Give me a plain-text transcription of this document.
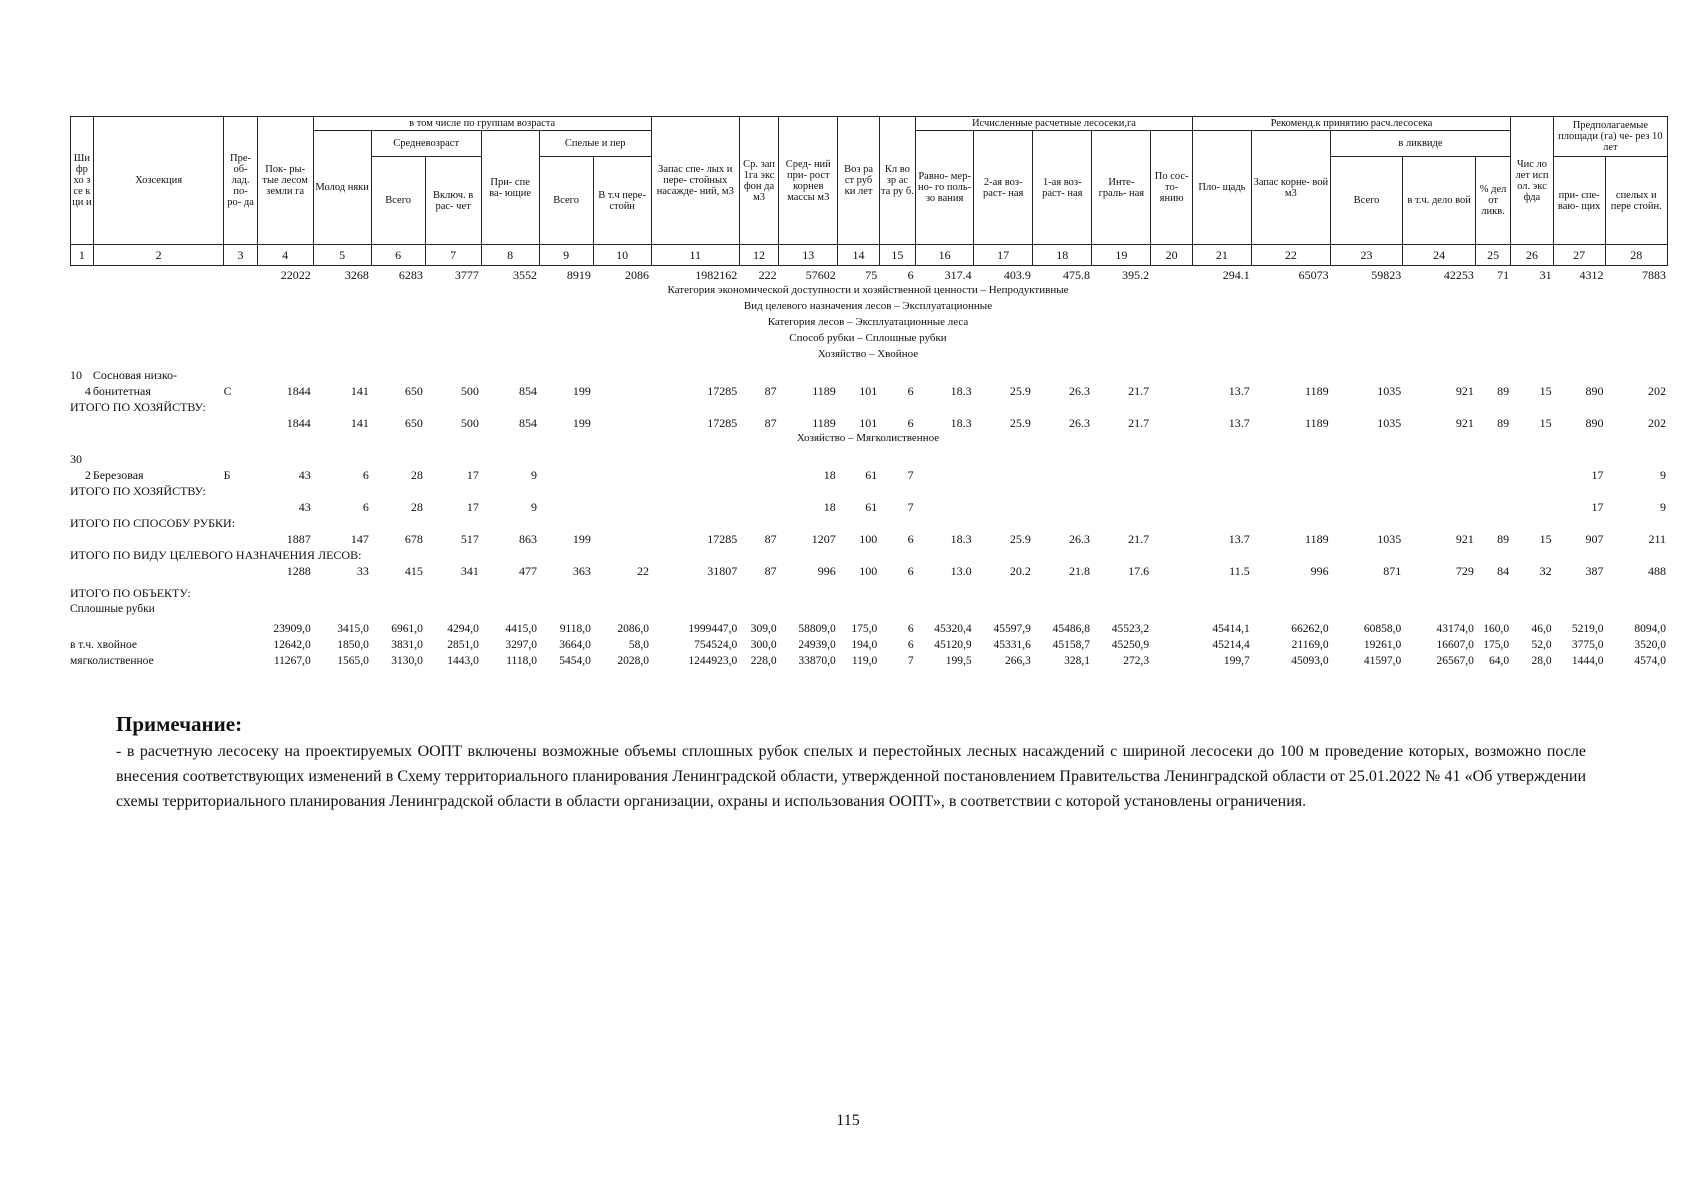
Ши фр хо з се к ци и	Хозсекция	Пре- об- лад. по- ро- да	Пок- ры- тые лесом земли га	в том числе по группам возраста						Запас спе- лых и пере- стойных насажде- ний, м3	Ср. зап 1га экс фон да м3	Сред- ний при- рост корнев массы м3	Воз ра ст руб ки лет	Кл во зр ас та ру б.	Исчисленные расчетные лесосеки,га					Рекоменд.к принятию расч.лесосека					Чис ло лет исп ол. экс фда	Предполагаемые площади (га) че- рез 10 лет	
				Молод няки	Средневозраст		При- спе ва- ющие	Спелые и пер							Равно- мер- но- го поль- зо вания	2-ая воз- раст- ная	1-ая воз- раст- ная	Инте- граль- ная	По сос- то- янию	Пло- щадь	Запас корне- вой м3	в ликвиде					
					Всего	Включ. в рас- чет		Всего	В т.ч пере- стойн													Всего	в т.ч. дело вой	% дел от ликв.		при- спе- ваю- щих	спелых и пере стойн.
1	2	3	4	5	6	7	8	9	10	11	12	13	14	15	16	17	18	19	20	21	22	23	24	25	26	27	28
			22022	3268	6283	3777	3552	8919	2086	1982162	222	57602	75	6	317.4	403.9	475.8	395.2		294.1	65073	59823	42253	71	31	4312	7883
Категория экономической доступности и хозяйственной ценности – Непродуктивные																											
Вид целевого назначения лесов – Эксплуатационные																											
Категория лесов – Эксплуатационные леса																											
Способ рубки – Сплошные рубки																											
Хозяйство – Хвойное																											

10	Сосновая низко-																										
4	бонитетная	С	1844	141	650	500	854	199		17285	87	1189	101	6	18.3	25.9	26.3	21.7		13.7	1189	1035	921	89	15	890	202
ИТОГО ПО ХОЗЯЙСТВУ:																											
			1844	141	650	500	854	199		17285	87	1189	101	6	18.3	25.9	26.3	21.7		13.7	1189	1035	921	89	15	890	202
Хозяйство – Мягколиственное																											

30																											
2	Березовая	Б	43	6	28	17	9					18	61	7												17	9
ИТОГО ПО ХОЗЯЙСТВУ:																											
			43	6	28	17	9					18	61	7												17	9
ИТОГО ПО СПОСОБУ РУБКИ:																											
			1887	147	678	517	863	199		17285	87	1207	100	6	18.3	25.9	26.3	21.7		13.7	1189	1035	921	89	15	907	211
ИТОГО ПО ВИДУ ЦЕЛЕВОГО НАЗНАЧЕНИЯ ЛЕСОВ:																											
			1288	33	415	341	477	363	22	31807	87	996	100	6	13.0	20.2	21.8	17.6		11.5	996	871	729	84	32	387	488

ИТОГО ПО ОБЪЕКТУ:																											
Сплошные рубки																											

			23909,0	3415,0	6961,0	4294,0	4415,0	9118,0	2086,0	1999447,0	309,0	58809,0	175,0	6	45320,4	45597,9	45486,8	45523,2		45414,1	66262,0	60858,0	43174,0	160,0	46,0	5219,0	8094,0
в т.ч. хвойное			12642,0	1850,0	3831,0	2851,0	3297,0	3664,0	58,0	754524,0	300,0	24939,0	194,0	6	45120,9	45331,6	45158,7	45250,9		45214,4	21169,0	19261,0	16607,0	175,0	52,0	3775,0	3520,0
мягколиственное			11267,0	1565,0	3130,0	1443,0	1118,0	5454,0	2028,0	1244923,0	228,0	33870,0	119,0	7	199,5	266,3	328,1	272,3		199,7	45093,0	41597,0	26567,0	64,0	28,0	1444,0	4574,0
Примечание:
- в расчетную лесосеку на проектируемых ООПТ включены возможные объемы сплошных рубок спелых и перестойных лесных насаждений с шириной лесосеки до 100 м проведение которых, возможно после внесения соответствующих изменений в Схему территориального планирования Ленинградской области, утвержденной постановлением Правительства Ленинградской области от 25.01.2022 № 41 «Об утверждении схемы территориального планирования Ленинградской области в области организации, охраны и использования ООПТ», в соответствии с которой установлены ограничения.
115
